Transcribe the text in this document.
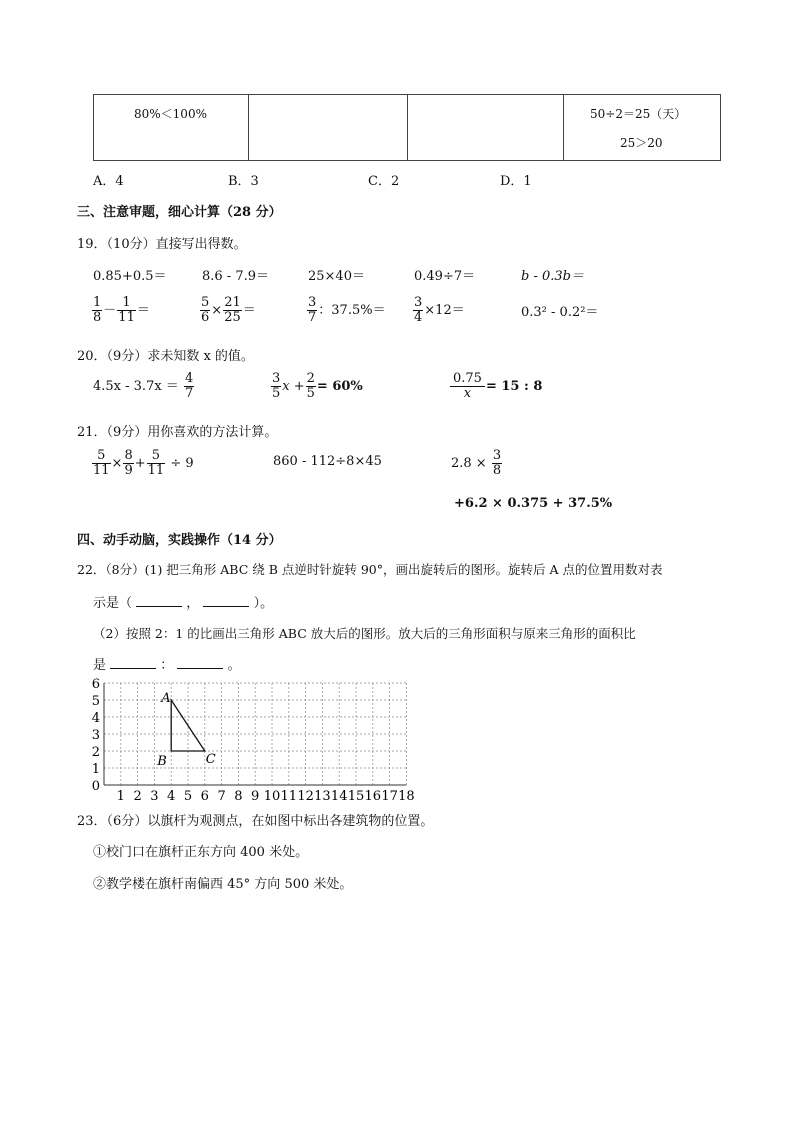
80%＜100%			50÷2＝25（天）
25＞20
A．4	B．3	C．2	D．1
三、注意审题，细心计算（28 分）
19．（10分）直接写出得数。
0.85+0.5＝	8.6 - 7.9＝	25×40＝	0.49÷7＝	b - 0.3b＝
$\frac{1}{8} - \frac{1}{11}$ ＝	$\frac{5}{6} \times \frac{21}{25}$ ＝	$\frac{3}{7}$ ：$37.5\%= \frac{3}{4} \times 12=$	0.3² - 0.2²＝
20．（9分）求未知数 x 的值。
$4.5x - 3.7x = \frac{4}{7}$	$\frac{3}{5}$ $x + \frac{2}{5} = 60\%$	$\frac{0.75}{x} = 15$ : 8
21．（9分）用你喜欢的方法计算。
$\frac{5}{11} \times \frac{8}{9} + \frac{5}{11} \div 9$	860 - 112÷8×45	$2.8 \times \frac{3}{8}$
+6.2 × 0.375 + 37.5%
四、动手动脑，实践操作（14 分）
22．（8分）(1) 把三角形 ABC 绕 B 点逆时针旋转 90°，画出旋转后的图形。旋转后 A 点的位置用数对表
示是（	，	）。
（2）按照 2：1 的比画出三角形 ABC 放大后的图形。放大后的三角形面积与原来三角形的面积比
是	：	。
0
1
2
3
4
5
6
1 2 3 4 5 6 7 8 9 10 11 12 13 14 15 16 17 18
A
B	C
23．（6分）以旗杆为观测点，在如图中标出各建筑物的位置。
①校门口在旗杆正东方向 400 米处。
②教学楼在旗杆南偏西 45° 方向 500 米处。
